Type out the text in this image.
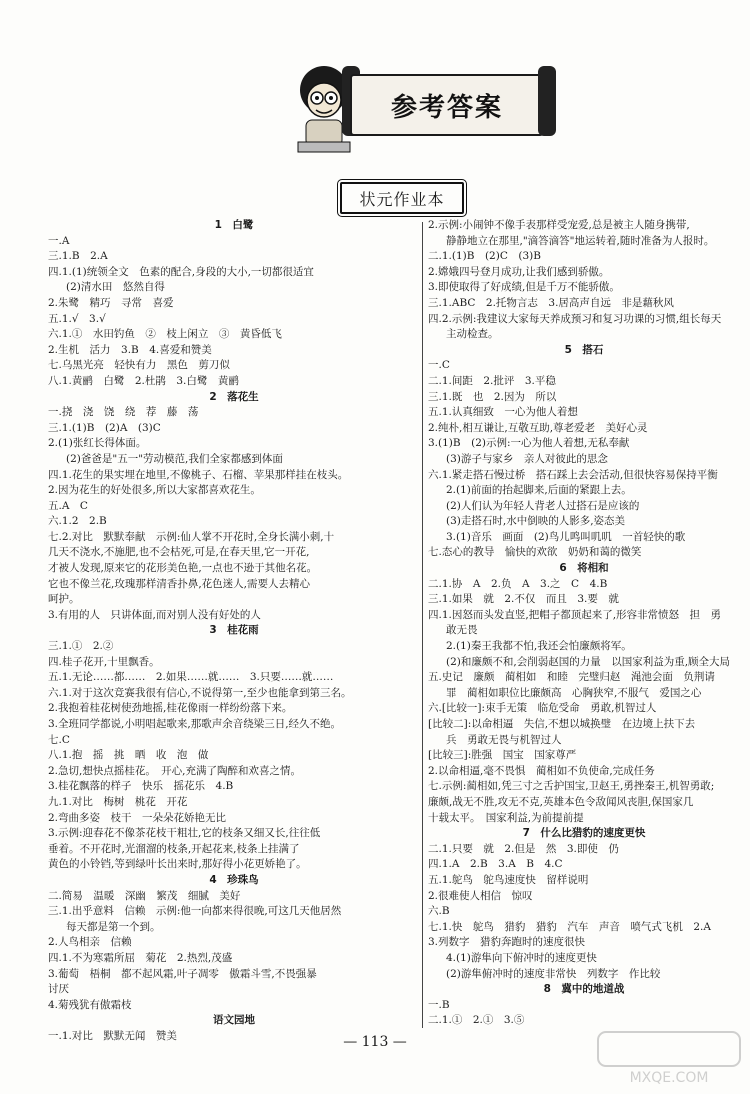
参考答案
状元作业本
1　白鹭
一.A
三.1.B　2.A
四.1.(1)统领全文　色素的配合,身段的大小,一切都很适宜
(2)清水田　悠然自得
2.朱鹭　精巧　寻常　喜爱
五.1.√　3.√
六.1.①　水田钓鱼　②　枝上闲立　③　黄昏低飞
2.生机　活力　3.B　4.喜爱和赞美
七.乌黑光亮　轻快有力　黑色　剪刀似
八.1.黄鹂　白鹭　2.杜鹃　3.白鹭　黄鹂
2　落花生
一.挠　浇　饶　绕　荐　藤　荡
三.1.(1)B　(2)A　(3)C
2.(1)张红长得体面。
(2)爸爸是"五一"劳动模范,我们全家都感到体面
四.1.花生的果实埋在地里,不像桃子、石榴、苹果那样挂在枝头。
2.因为花生的好处很多,所以大家都喜欢花生。
五.A　C
六.1.2　2.B
七.2.对比　默默奉献　示例:仙人掌不开花时,全身长满小刺,十
几天不浇水,不施肥,也不会枯死,可是,在春天里,它一开花,
才被人发现,原来它的花形美色艳,一点也不逊于其他名花。
它也不像兰花,玫瑰那样清香扑鼻,花色迷人,需要人去精心
呵护。
3.有用的人　只讲体面,而对别人没有好处的人
3　桂花雨
三.1.①　2.②
四.桂子花开,十里飘香。
五.1.无论……都……　2.如果……就……　3.只要……就……
六.1.对于这次竞赛我很有信心,不说得第一,至少也能拿到第三名。
2.我抱着桂花树使劲地摇,桂花像雨一样纷纷落下来。
3.全班同学都说,小明唱起歌来,那歌声余音绕梁三日,经久不绝。
七.C
八.1.抱　摇　挑　晒　收　泡　做
2.急切,想快点摇桂花。　开心,充满了陶醉和欢喜之情。
3.桂花飘落的样子　快乐　摇花乐　4.B
九.1.对比　梅树　桃花　开花
2.弯曲多姿　枝干　一朵朵花娇艳无比
3.示例:迎春花不像茶花枝干粗壮,它的枝条又细又长,往往低
垂着。不开花时,光溜溜的枝条,开起花来,枝条上挂满了
黄色的小铃铛,等到绿叶长出来时,那好得小花更娇艳了。
4　珍珠鸟
二.简易　温暖　深幽　繁茂　细腻　美好
三.1.出乎意料　信赖　示例:他一向都来得很晚,可这几天他居然
每天都是第一个到。
2.人鸟相亲　信赖
四.1.不为寒霜所屈　菊花　2.热烈,茂盛
3.葡萄　梧桐　都不起风霜,叶子凋零　傲霜斗雪,不畏强暴
讨厌
4.菊残犹有傲霜枝
语文园地
一.1.对比　默默无闻　赞美
2.示例:小闹钟不像手表那样受宠爱,总是被主人随身携带,
静静地立在那里,"滴答滴答"地运转着,随时准备为人报时。
二.1.(1)B　(2)C　(3)B
2.嫦娥四号登月成功,让我们感到骄傲。
3.即使取得了好成绩,但是千万不能骄傲。
三.1.ABC　2.托物言志　3.居高声自远　非是藉秋风
四.2.示例:我建议大家每天养成预习和复习功课的习惯,组长每天
主动检查。
5　搭石
一.C
二.1.间距　2.批评　3.平稳
三.1.既　也　2.因为　所以
五.1.认真细致　一心为他人着想
2.纯朴,相互谦让,互敬互助,尊老爱老　美好心灵
3.(1)B　(2)示例:一心为他人着想,无私奉献
(3)游子与家乡　亲人对彼此的思念
六.1.紧走搭石慢过桥　搭石踩上去会活动,但很快容易保持平衡
2.(1)前面的抬起脚来,后面的紧跟上去。
(2)人们认为年轻人背老人过搭石是应该的
(3)走搭石时,水中倒映的人影多,姿态美
3.(1)音乐　画面　(2)鸟儿鸣叫叽叽　一首轻快的歌
七.态心的教导　愉快的欢欲　奶奶和蔼的微笑
6　将相和
二.1.协　A　2.负　A　3.之　C　4.B
三.1.如果　就　2.不仅　而且　3.要　就
四.1.因怒而头发直竖,把帽子都顶起来了,形容非常愤怒　担　勇
敢无畏
2.(1)秦王我都不怕,我还会怕廉颇将军。
(2)和廉颇不和,会削弱赵国的力量　以国家利益为重,顾全大局
五.史记　廉颇　蔺相如　和睦　完璧归赵　渑池会面　负荆请
罪　蔺相如职位比廉颇高　心胸狭窄,不服气　爱国之心
六.[比较一]:束手无策　临危受命　勇敢,机智过人
[比较二]:以命相逼　失信,不想以城换璧　在边境上扶下去
兵　勇敢无畏与机智过人
[比较三]:胜强　国宝　国家尊严
2.以命相逼,毫不畏惧　蔺相如不负使命,完成任务
七.示例:蔺相如,凭三寸之舌护国宝,卫赵王,勇挫秦王,机智勇敢;
廉颇,战无不胜,攻无不克,英雄本色令敌闻风丧胆,保国家几
十载太平。　国家利益,为前提前提
7　什么比猎豹的速度更快
二.1.只要　就　2.但是　然　3.即使　仍
四.1.A　2.B　3.A　B　4.C
五.1.鸵鸟　鸵鸟速度快　留样说明
2.很难使人相信　惊叹
六.B
七.1.快　鸵鸟　猎豹　猎豹　汽车　声音　喷气式飞机　2.A
3.列数字　猎豹奔跑时的速度很快
4.(1)游隼向下俯冲时的速度更快
(2)游隼俯冲时的速度非常快　列数字　作比较
8　冀中的地道战
一.B
二.1.①　2.①　3.⑤
— 113 —
MXQE.COM
